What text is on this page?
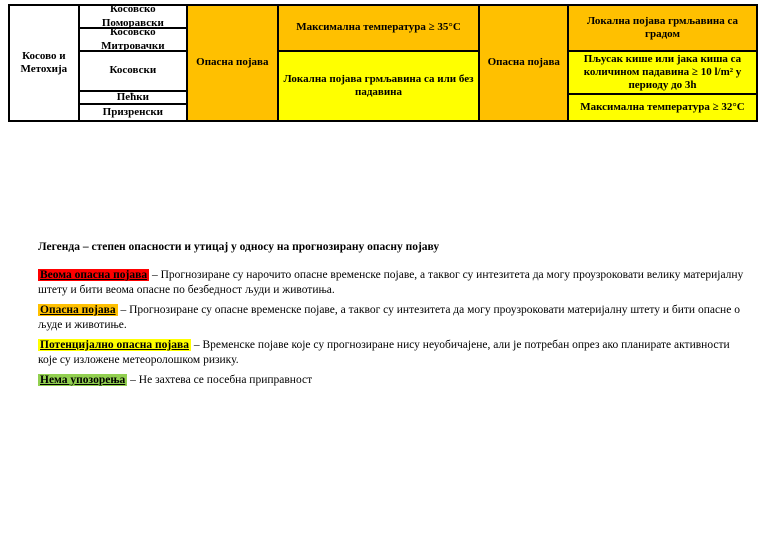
Косово и Метохија
Косовско Поморавски
Косовско Митровачки
Косовски
Пећки
Призренски
Опасна појава
Максимална температура ≥ 35°С
Локална појава грмљавина са или без падавина
Опасна појава
Локална појава грмљавина са градом
Пљусак кише или јака киша са количином падавина ≥ 10 l/m² у периоду до 3h
Максимална температура ≥ 32°С

Легенда – степен опасности и утицај у односу на прогнозирану опасну појаву

Веома опасна појава – Прогнозиране су нарочито опасне временске појаве, а таквог су интезитета да могу проузроковати велику материјалну штету и бити веома опасне по безбедност људи и животиња.

Опасна појава – Прогнозиране су опасне временске појаве, а таквог су интезитета да могу проузроковати материјалну штету и бити опасне о људе и животиње.

Потенцијално опасна појава – Временске појаве које су прогнозиране нису неуобичајене, али је потребан опрез ако планирате активности које су изложене метеоролошком ризику.

Нема упозорења – Не захтева се посебна приправност
